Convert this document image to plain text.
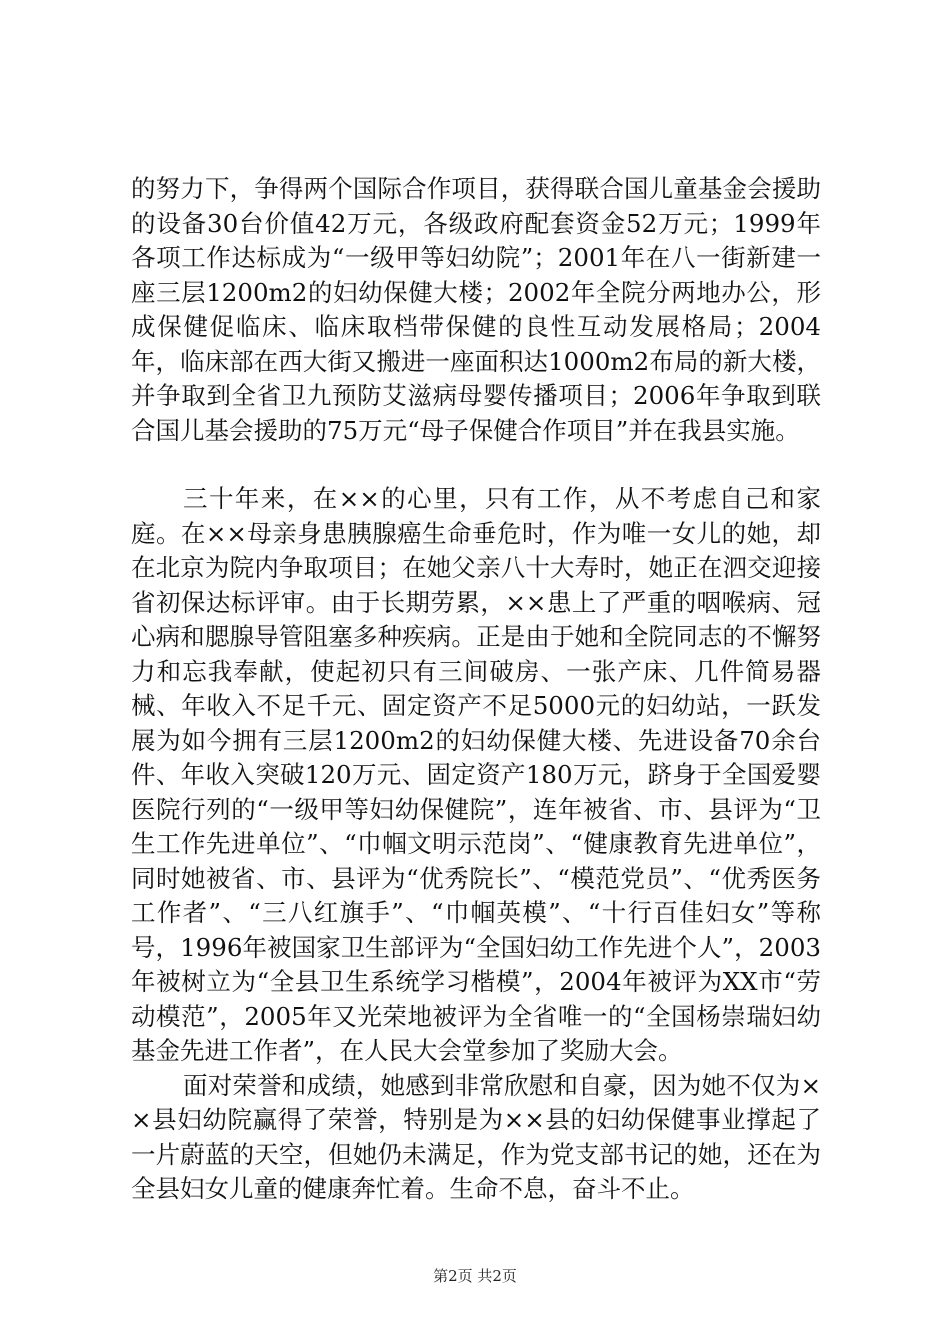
的努力下，争得两个国际合作项目，获得联合国儿童基金会援助的设备30台价值42万元，各级政府配套资金52万元；1999年各项工作达标成为“一级甲等妇幼院”；2001年在八一街新建一座三层1200m2的妇幼保健大楼；2002年全院分两地办公，形成保健促临床、临床取档带保健的良性互动发展格局；2004年，临床部在西大街又搬进一座面积达1000m2布局的新大楼，并争取到全省卫九预防艾滋病母婴传播项目；2006年争取到联合国儿基会援助的75万元“母子保健合作项目”并在我县实施。

三十年来，在××的心里，只有工作，从不考虑自己和家庭。在××母亲身患胰腺癌生命垂危时，作为唯一女儿的她，却在北京为院内争取项目；在她父亲八十大寿时，她正在泗交迎接省初保达标评审。由于长期劳累，××患上了严重的咽喉病、冠心病和腮腺导管阻塞多种疾病。正是由于她和全院同志的不懈努力和忘我奉献，使起初只有三间破房、一张产床、几件简易器械、年收入不足千元、固定资产不足5000元的妇幼站，一跃发展为如今拥有三层1200m2的妇幼保健大楼、先进设备70余台件、年收入突破120万元、固定资产180万元，跻身于全国爱婴医院行列的“一级甲等妇幼保健院”，连年被省、市、县评为“卫生工作先进单位”、“巾帼文明示范岗”、“健康教育先进单位”，同时她被省、市、县评为“优秀院长”、“模范党员”、“优秀医务工作者”、“三八红旗手”、“巾帼英模”、“十行百佳妇女”等称号，1996年被国家卫生部评为“全国妇幼工作先进个人”，2003年被树立为“全县卫生系统学习楷模”，2004年被评为XX市“劳动模范”，2005年又光荣地被评为全省唯一的“全国杨崇瑞妇幼基金先进工作者”，在人民大会堂参加了奖励大会。

面对荣誉和成绩，她感到非常欣慰和自豪，因为她不仅为××县妇幼院赢得了荣誉，特别是为××县的妇幼保健事业撑起了一片蔚蓝的天空，但她仍未满足，作为党支部书记的她，还在为全县妇女儿童的健康奔忙着。生命不息，奋斗不止。

第2页 共2页
